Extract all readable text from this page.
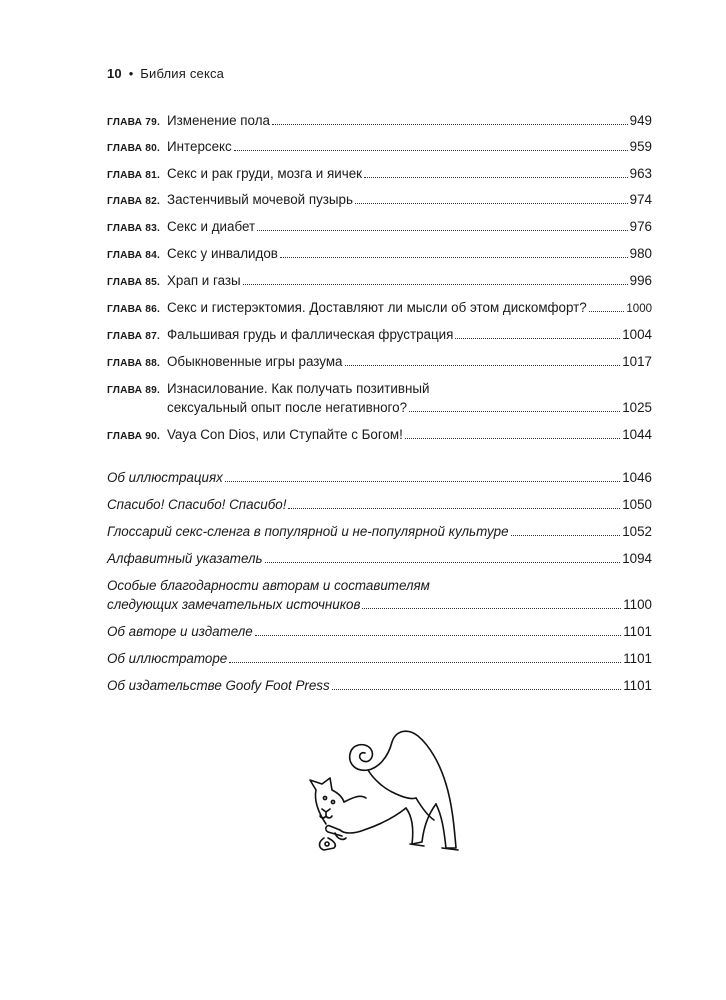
10 • Библия секса
ГЛАВА 79. Изменение пола	949
ГЛАВА 80. Интерсекс	959
ГЛАВА 81. Секс и рак груди, мозга и яичек	963
ГЛАВА 82. Застенчивый мочевой пузырь	974
ГЛАВА 83. Секс и диабет	976
ГЛАВА 84. Секс у инвалидов	980
ГЛАВА 85. Храп и газы	996
ГЛАВА 86. Секс и гистерэктомия. Доставляют ли мысли об этом дискомфорт?	1000
ГЛАВА 87. Фальшивая грудь и фаллическая фрустрация	1004
ГЛАВА 88. Обыкновенные игры разума	1017
ГЛАВА 89. Изнасилование. Как получать позитивный
сексуальный опыт после негативного?	1025
ГЛАВА 90. Vaya Con Dios, или Ступайте с Богом!	1044
Об иллюстрациях	1046
Спасибо! Спасибо! Спасибо!	1050
Глоссарий секс-сленга в популярной и не-популярной культуре	1052
Алфавитный указатель	1094
Особые благодарности авторам и составителям
следующих замечательных источников	1100
Об авторе и издателе	1101
Об иллюстраторе	1101
Об издательстве Goofy Foot Press	1101
